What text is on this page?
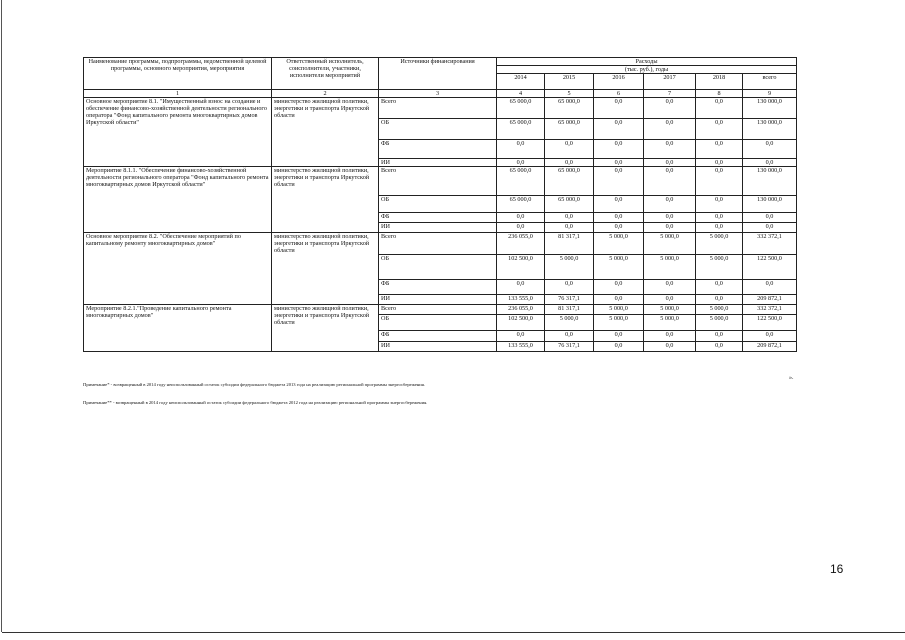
Наименование программы, подпрограммы, ведомственной целевой программы, основного мероприятия, мероприятия	Ответственный исполнитель, соисполнители, участники, исполнители мероприятий	Источники финансирования	Расходы					
			(тыс. руб.), годы					
			2014	2015	2016	2017	2018	всего
1	2	3	4	5	6	7	8	9
Основное мероприятие 8.1. "Имущественный взнос на создание и обеспечение финансово-хозяйственной деятельности регионального оператора "Фонд капитального ремонта многоквартирных домов Иркутской области"	министерство жилищной политики, энергетики и транспорта Иркутской области	Всего	65 000,0	65 000,0	0,0	0,0	0,0	130 000,0
		ОБ	65 000,0	65 000,0	0,0	0,0	0,0	130 000,0
		ФБ	0,0	0,0	0,0	0,0	0,0	0,0
		ИИ	0,0	0,0	0,0	0,0	0,0	0,0
Мероприятие 8.1.1. "Обеспечение финансово-хозяйственной деятельности регионального оператора "Фонд капитального ремонта многоквартирных домов Иркутской области"	министерство жилищной политики, энергетики и транспорта Иркутской области	Всего	65 000,0	65 000,0	0,0	0,0	0,0	130 000,0
		ОБ	65 000,0	65 000,0	0,0	0,0	0,0	130 000,0
		ФБ	0,0	0,0	0,0	0,0	0,0	0,0
		ИИ	0,0	0,0	0,0	0,0	0,0	0,0
Основное мероприятие 8.2. "Обеспечение мероприятий по капитальному ремонту многоквартирных домов"	министерство жилищной политики, энергетики и транспорта Иркутской области	Всего	236 055,0	81 317,1	5 000,0	5 000,0	5 000,0	332 372,1
		ОБ	102 500,0	5 000,0	5 000,0	5 000,0	5 000,0	122 500,0
		ФБ	0,0	0,0	0,0	0,0	0,0	0,0
		ИИ	133 555,0	76 317,1	0,0	0,0	0,0	209 872,1
Мероприятие 8.2.1."Проведение капитального ремонта многоквартирных домов"	министерство жилищной политики, энергетики и транспорта Иркутской области	Всего	236 055,0	81 317,1	5 000,0	5 000,0	5 000,0	332 372,1
		ОБ	102 500,0	5 000,0	5 000,0	5 000,0	5 000,0	122 500,0
		ФБ	0,0	0,0	0,0	0,0	0,0	0,0
		ИИ	133 555,0	76 317,1	0,0	0,0	0,0	209 872,1
».
Примечание* - возвращенный в 2014 году неиспользованный остаток субсидии федерального бюджета 2013 года на реализацию региональной программы энергосбережения.
Примечание** - возвращенный в 2014 году неиспользованный остаток субсидии федерального бюджета 2012 года на реализацию региональной программы энергосбережения.
16
